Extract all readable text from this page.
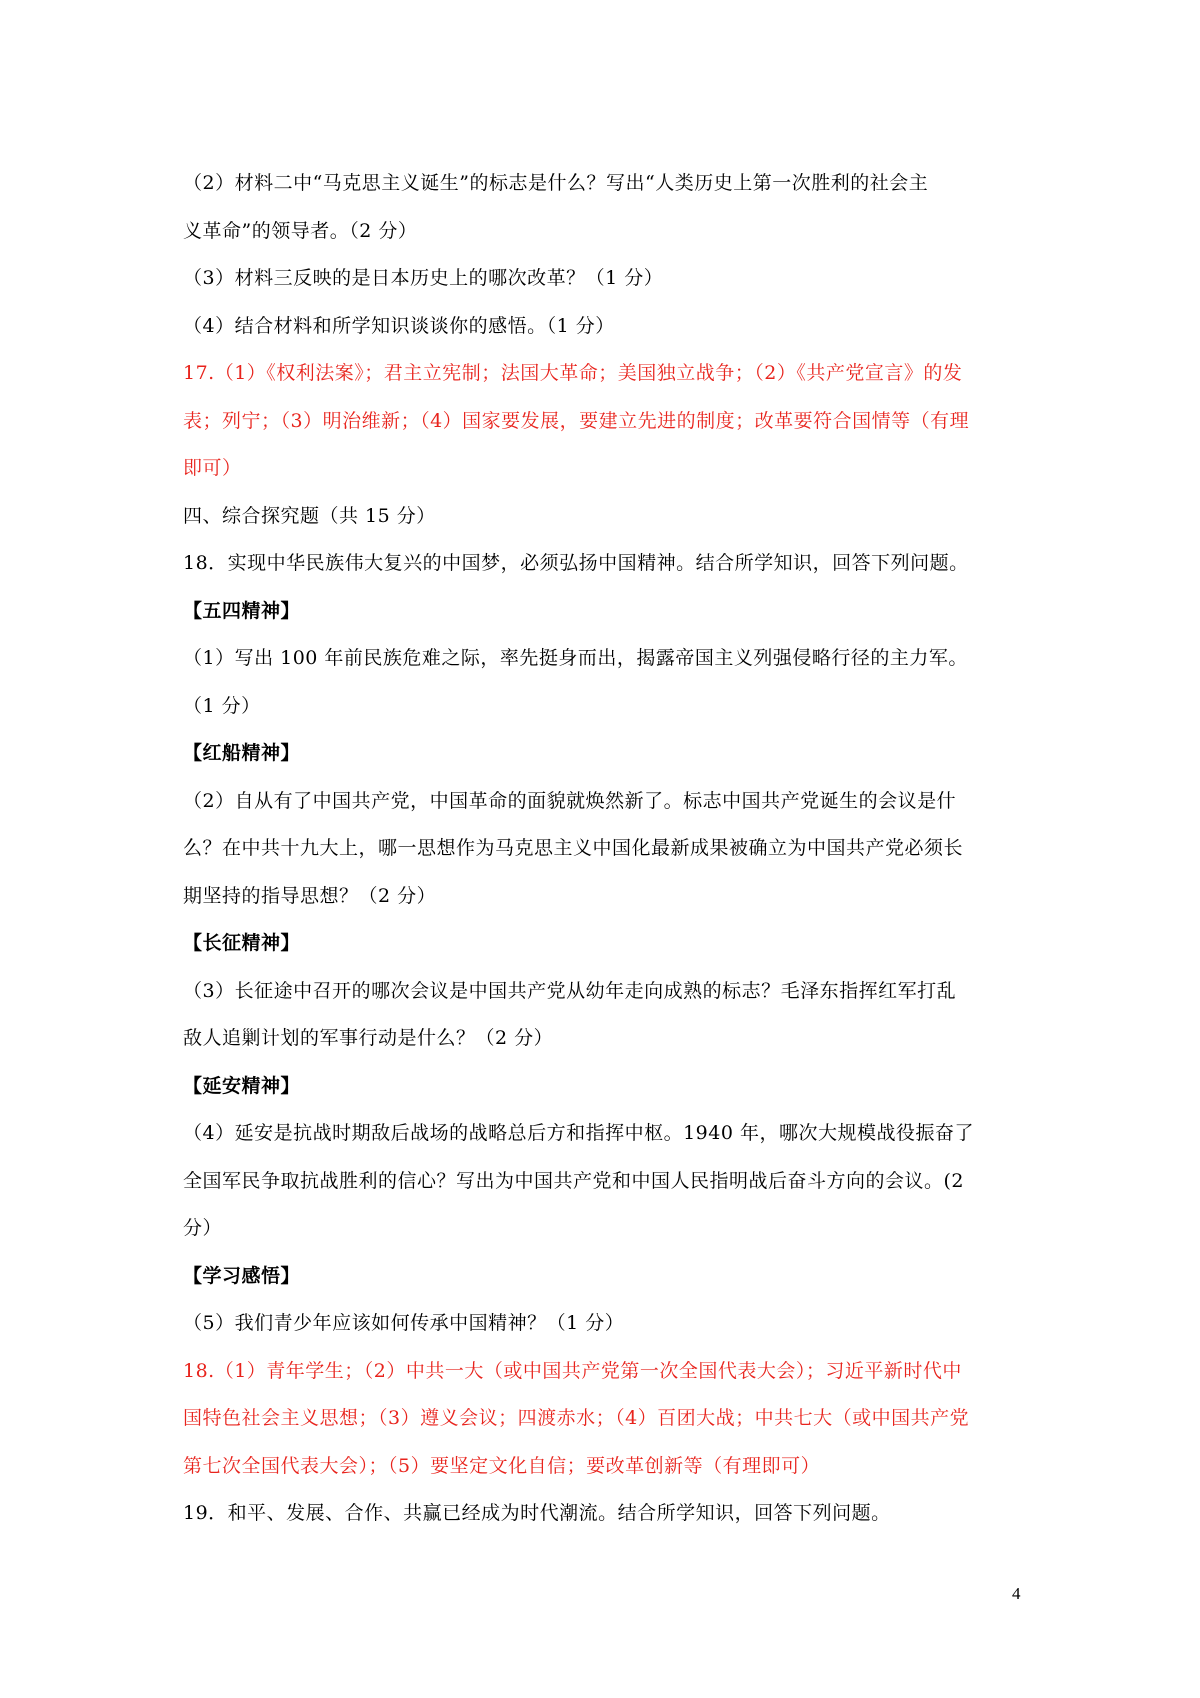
（2）材料二中“马克思主义诞生”的标志是什么？写出“人类历史上第一次胜利的社会主
义革命”的领导者。（2 分）
（3）材料三反映的是日本历史上的哪次改革？（1 分）
（4）结合材料和所学知识谈谈你的感悟。（1 分）
17.（1）《权利法案》；君主立宪制；法国大革命；美国独立战争；（2）《共产党宣言》的发
表；列宁；（3）明治维新；（4）国家要发展，要建立先进的制度；改革要符合国情等（有理
即可）
四、综合探究题（共 15 分）
18．实现中华民族伟大复兴的中国梦，必须弘扬中国精神。结合所学知识，回答下列问题。
【五四精神】
（1）写出 100 年前民族危难之际，率先挺身而出，揭露帝国主义列强侵略行径的主力军。
（1 分）
【红船精神】
（2）自从有了中国共产党，中国革命的面貌就焕然新了。标志中国共产党诞生的会议是什
么？在中共十九大上，哪一思想作为马克思主义中国化最新成果被确立为中国共产党必须长
期坚持的指导思想？（2 分）
【长征精神】
（3）长征途中召开的哪次会议是中国共产党从幼年走向成熟的标志？毛泽东指挥红军打乱
敌人追剿计划的军事行动是什么？（2 分）
【延安精神】
（4）延安是抗战时期敌后战场的战略总后方和指挥中枢。1940 年，哪次大规模战役振奋了
全国军民争取抗战胜利的信心？写出为中国共产党和中国人民指明战后奋斗方向的会议。(2
分）
【学习感悟】
（5）我们青少年应该如何传承中国精神？（1 分）
18.（1）青年学生；（2）中共一大（或中国共产党第一次全国代表大会）；习近平新时代中
国特色社会主义思想；（3）遵义会议；四渡赤水；（4）百团大战；中共七大（或中国共产党
第七次全国代表大会）；（5）要坚定文化自信；要改革创新等（有理即可）
19．和平、发展、合作、共赢已经成为时代潮流。结合所学知识，回答下列问题。
4
